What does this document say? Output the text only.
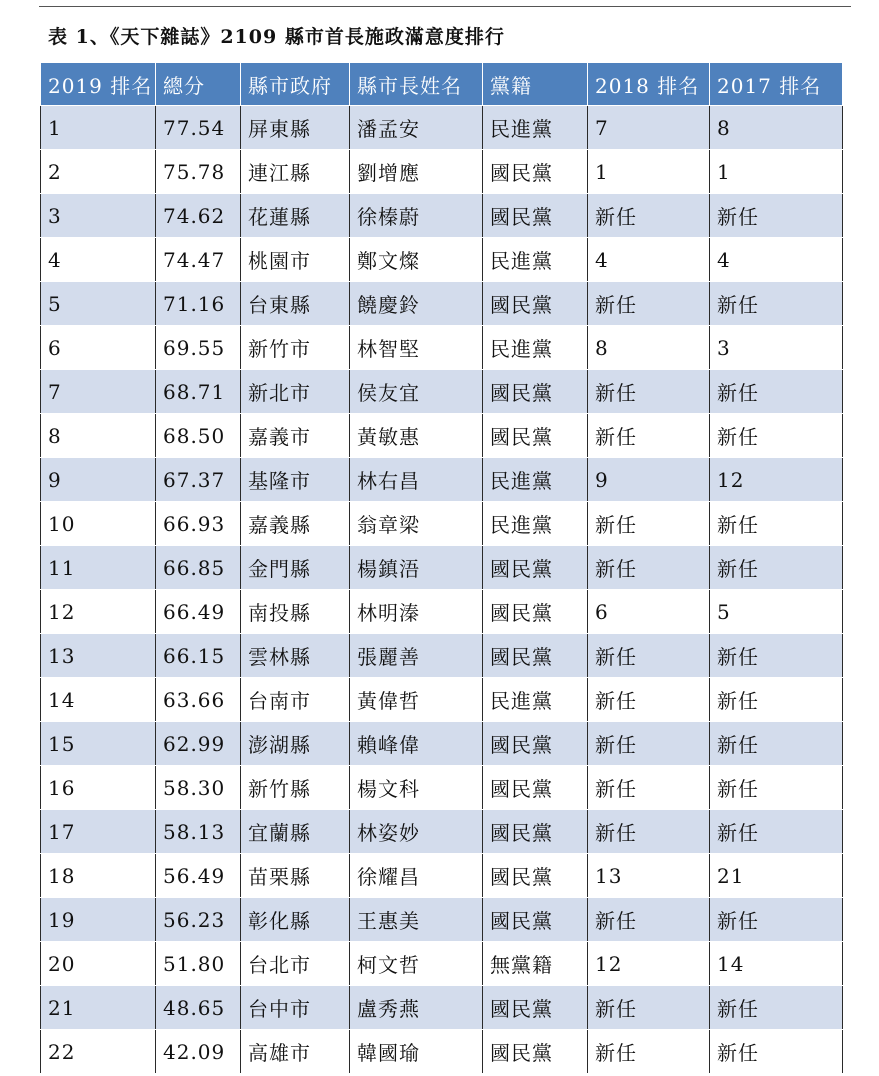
表 1、《天下雜誌》2109 縣市首長施政滿意度排行
2019 排名	總分	縣市政府	縣市長姓名	黨籍	2018 排名	2017 排名
1	77.54	屏東縣	潘孟安	民進黨	7	8
2	75.78	連江縣	劉增應	國民黨	1	1
3	74.62	花蓮縣	徐榛蔚	國民黨	新任	新任
4	74.47	桃園市	鄭文燦	民進黨	4	4
5	71.16	台東縣	饒慶鈴	國民黨	新任	新任
6	69.55	新竹市	林智堅	民進黨	8	3
7	68.71	新北市	侯友宜	國民黨	新任	新任
8	68.50	嘉義市	黃敏惠	國民黨	新任	新任
9	67.37	基隆市	林右昌	民進黨	9	12
10	66.93	嘉義縣	翁章梁	民進黨	新任	新任
11	66.85	金門縣	楊鎮浯	國民黨	新任	新任
12	66.49	南投縣	林明溱	國民黨	6	5
13	66.15	雲林縣	張麗善	國民黨	新任	新任
14	63.66	台南市	黃偉哲	民進黨	新任	新任
15	62.99	澎湖縣	賴峰偉	國民黨	新任	新任
16	58.30	新竹縣	楊文科	國民黨	新任	新任
17	58.13	宜蘭縣	林姿妙	國民黨	新任	新任
18	56.49	苗栗縣	徐耀昌	國民黨	13	21
19	56.23	彰化縣	王惠美	國民黨	新任	新任
20	51.80	台北市	柯文哲	無黨籍	12	14
21	48.65	台中市	盧秀燕	國民黨	新任	新任
22	42.09	高雄市	韓國瑜	國民黨	新任	新任
